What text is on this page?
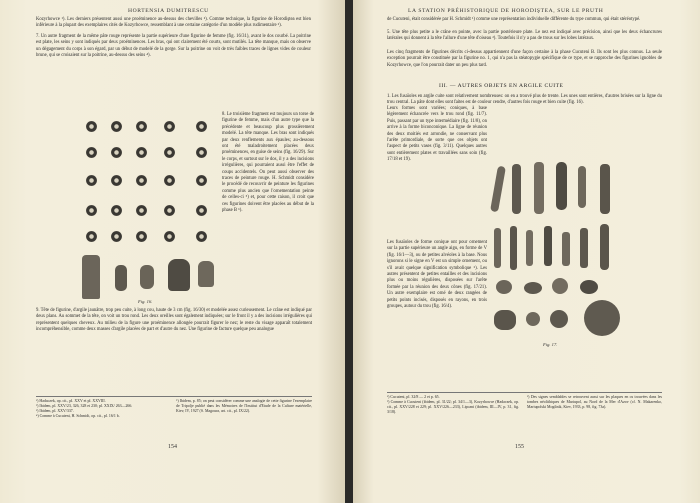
HORTENSIA DUMITRESCU
Kozyrhowce ¹). Les derniers présentent aussi une proéminence au-dessus des chevilles ²). Comme technique, la figurine de Horodiştea est bien inférieure à la plupart des exemplaires cités de Kozyrhowce, ressemblant à une certaine catégorie d'un modèle plus rudimentaire ³).
7. Un autre fragment de la même pâte rouge représente la partie supérieure d'une figurine de femme (fig. 16/31), avant le dos courbé. La poitrine est plate, les seins y sont indiqués par deux proéminences. Les bras, qui ont clairement été courts, sont mutilés. La tête manque, mais on observe un dégagement du corps à son égard, par un début de modelé de la gorge. Sur la poitrine on voit de très faibles traces de lignes vides de couleur brune, qui se croisaient sur la poitrine, au-dessus des seins ⁴).
Fig. 16.
8. Le troisième fragment est toujours un torse de figurine de femme, mais d'un autre type que la précédente et beaucoup plus grossièrement modelé. La tête manque. Les bras sont indiqués par deux renflements aux épaules; au-dessous ont été maladroitement placées deux proéminences, en guise de seins (fig. 16/29). Sur le corps, et surtout sur le dos, il y a des incisions irrégulières, qui pourraient aussi être l'effet de coups accidentels. On peut aussi observer des traces de peinture rouge. H. Schmidt considère le procédé de recouvrir de peinture les figurines comme plus ancien que l'ornementation peinte de celles-ci ⁵) et, pour cette raison, il croit que ces figurines doivent être placées au début de la phase B ⁶).
9. Tête de figurine, d'argile jaunâtre, trop peu cuite, à long cou, haute de 3 cm (fig. 16/30) et modelée assez curieusement. Le crâne est indiqué par deux plans. Au sommet de la tête, on voit un trou rond. Les deux oreilles sont également indiquées; sur le front il y a des incisions irrégulières qui représentent quelques cheveux. Au milieu de la figure une proéminence allongée pourrait figurer le nez; le reste du visage apparaît totalement incompréhensible, comme deux masses d'argile placées de part et d'autre du nez. Une figurine de facture quelque peu analogue
¹) Hadaczek, op. cit., pl. XXV et pl. XXVIII.
²) Ibidem, pl. XXV/23, 326, 328 et 230; pl. XXIX/ 263—266.
³) Ibidem, pl. XXV/337.
⁴) Comme à Cucuteni, H. Schmidt, op. cit., pl. 16/1 b.
⁵) Ibidem, p. 85; on peut considérer comme une analogie de cette figurine l'exemplaire de Tripolje publié dans les Mémoires de l'Institut d'Etude de la Culture matérielle, Kiev, IV, 1927 (S. Magoura, art. cit., pl. IX/22).
154
LA STATION PRÉHISTORIQUE DE HORODIŞTEA, SUR LE PRUTH
de Cucuteni, était considérée par H. Schmidt ¹) comme une représentation individuelle différente du type commun, qui était stéréotypé.
5. Une tête plus petite a le crâne en pointe, avec la partie postérieure plate. Le nez est indiqué avec précision, ainsi que les deux échancrures latérales qui donnent à la tête l'allure d'une tête d'oiseau ²). Toutefois il n'y a pas de trous sur les lobes latéraux.
Les cinq fragments de figurines décrits ci-dessus appartiennent d'une façon certaine à la phase Cucuteni B. Ils sont les plus connus. La seule exception pourrait être constituée par la figurine no. 1, qui n'a pas la stéatopygie spécifique de ce type, et se rapproche des figurines ignobles de Kozyrhowce, que l'on pourrait dater un peu plus tard.
III. — AUTRES OBJETS EN ARGILE CUITE
1. Les fusaïoles en argile cuite sont relativement nombreuses: on en a trouvé plus de trente. Les unes sont entières, d'autres brisées sur la ligne du trou central. La pâte dont elles sont faites est de couleur cendre, d'autres fois rouge et bien cuite (fig. 16).
Leurs formes sont variées; coniques, à base légèrement échancrée vers le trou rond (fig. 11/7). Puis, passant par un type intermédiaire (fig. 11/8), on arrive à la forme biconconique. La ligne de réunion des deux moitiés est arrondie, ne conservant plus l'arête primordiale, de sorte que ces objets ont l'aspect de petits vases (fig. 3/11). Quelques autres sont entièrement plates et travaillées sans soin (fig. 17/18 et 19).
Fig. 17.
Les fusaïoles de forme conique ont pour ornement sur la partie supérieure un angle aigu, en forme de V (fig. 16/1—3), ou de petites alvéoles à la base. Nous ignorons si le signe en V est un simple ornement, ou s'il avait quelque signification symbolique ³). Les autres présentent de petites entailles et des incisions plus ou moins régulières, disposées sur l'arête formée par la réunion des deux cônes (fig. 17/21). Un autre exemplaire est orné de deux rangées de petits points incisés, disposés en rayons, en trois groupes, autour du trou (fig. 16/4).
¹) Cucuteni, pl. 32/8 — 2 et p. 65.
²) Comme à Cucuteni (ibidem, pl. 31/22; pl. 34/1—3), Kozyrhowce (Hadaczek, op. cit., pl. XXV/228 et 229; pl. XXV/226—233), Lipcani (ibidem, III—IV, p. 31, fig. 3/18).
³) Des signes semblables se retrouvent aussi sur les plaques en os trouvées dans les tombes néolithiques de Mariupol, au Nord de la Mer d'Azov (cf. N. Makarenko, Mariupolski Mogilnik, Kiev, 1933, p. 98, fig. 73a).
155
